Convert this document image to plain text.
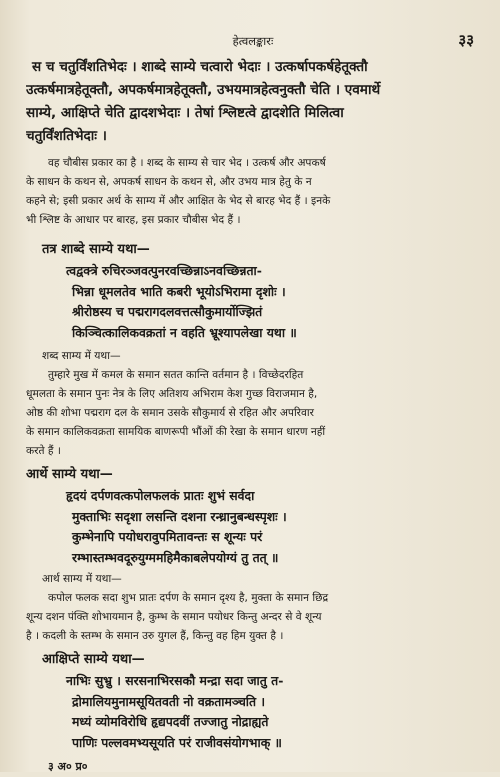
हेत्वलङ्कारः	३३
स च चतुर्विंशतिभेदः । शाब्दे साम्ये चत्वारो भेदाः । उत्कर्षापकर्षहेतूक्तौ
उत्कर्षमात्रहेतूक्तौ, अपकर्षमात्रहेतूक्तौ, उभयमात्रहेत्वनुक्तौ चेति । एवमार्थे
साम्ये, आक्षिप्ते चेति द्वादशभेदाः । तेषां श्लिष्टत्वे द्वादशेति मिलित्वा
चतुर्विंशतिभेदाः ।
वह चौबीस प्रकार का है । शब्द के साम्य से चार भेद । उत्कर्ष और अपकर्ष
के साधन के कथन से, अपकर्ष साधन के कथन से, और उभय मात्र हेतु के न
कहने से; इसी प्रकार अर्थ के साम्य में और आक्षित के भेद से बारह भेद हैं । इनके
भी श्लिष्ट के आधार पर बारह, इस प्रकार चौबीस भेद हैं ।
तत्र शाब्दे साम्ये यथा—
त्वद्वक्त्रे रुचिरञ्जवत्पुनरवच्छिन्नाऽनवच्छिन्नता-
भिन्ना धूमलतेव भाति कबरी भूयोऽभिरामा दृशोः ।
श्रीरोष्ठस्य च पद्मरागदलवत्तत्सौकुमार्योज्झितं
किञ्चित्कालिकवक्रतां न वहति भ्रूश्यापलेखा यथा ॥
शब्द साम्य में यथा—
तुम्हारे मुख में कमल के समान सतत कान्ति वर्तमान है । विच्छेदरहित
धूमलता के समान पुनः नेत्र के लिए अतिशय अभिराम केश गुच्छ विराजमान है,
ओष्ठ की शोभा पद्मराग दल के समान उसके सौकुमार्य से रहित और अपरिवार
के समान कालिकवक्रता सामयिक बाणरूपी भौंओं की रेखा के समान धारण नहीं
करते हैं ।
आर्थे साम्ये यथा—
हृदयं दर्पणवत्कपोलफलकं प्रातः शुभं सर्वदा
मुक्ताभिः सदृशा लसन्ति दशना रन्ध्रानुबन्धस्पृशः ।
कुम्भेनापि पयोधरावुपमितावन्तः स शून्यः परं
रम्भास्तम्भवदूरुयुग्ममहिमैकाबलेपयोग्यं तु तत् ॥
आर्थ साम्य में यथा—
कपोल फलक सदा शुभ प्रातः दर्पण के समान दृश्य है, मुक्ता के समान छिद्र
शून्य दशन पंक्ति शोभायमान है, कुम्भ के समान पयोधर किन्तु अन्दर से वे शून्य
है । कदली के स्तम्भ के समान उरु युगल हैं, किन्तु वह हिम युक्त है ।
आक्षिप्ते साम्ये यथा—
नाभिः सुभ्रु । सरसनाभिरसकौ मन्द्रा सदा जातु त-
द्रोमालियमुनामसूयितवती नो वक्रतामञ्चति ।
मध्यं व्योमविरोधि हृद्यपदवीं तज्जातु नोद्राह्यते
पाणिः पल्लवमभ्यसूयति परं राजीवसंयोगभाक् ॥
३ अ० प्र०
